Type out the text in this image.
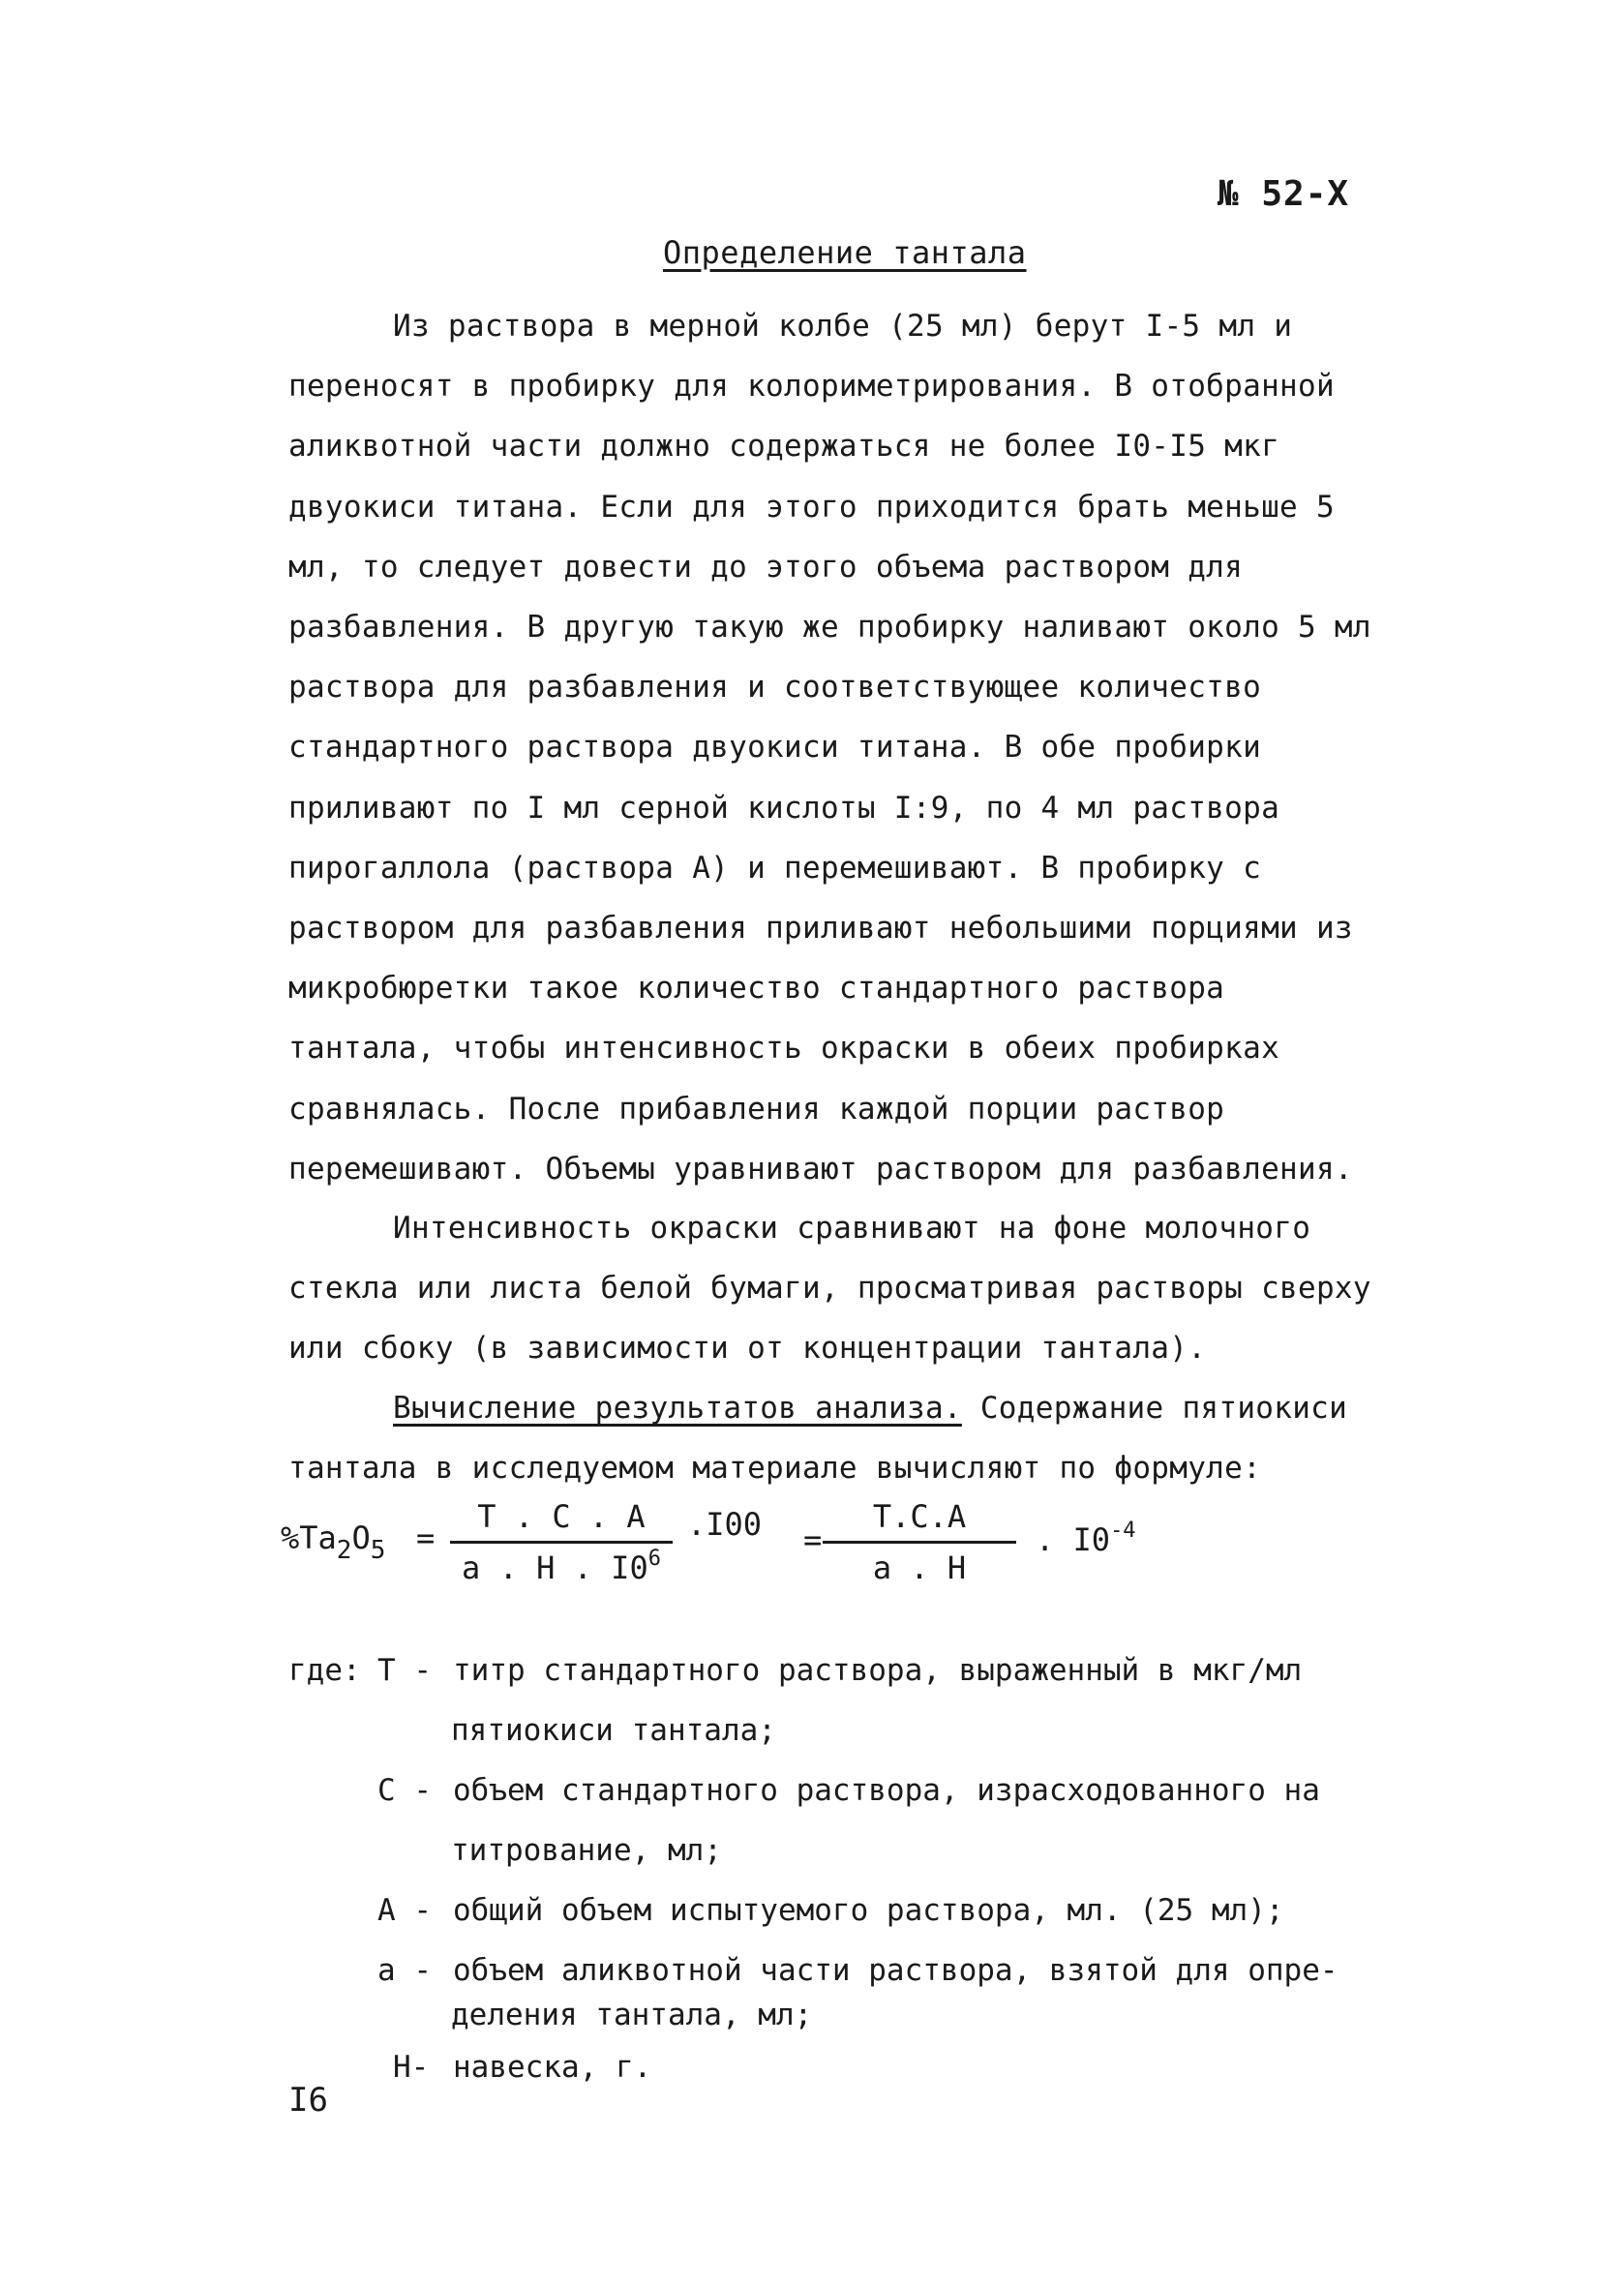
№ 52-Х
Определение тантала
Из раствора в мерной колбе (25 мл) берут I-5 мл и переносят в пробирку для колориметрирования. В отобранной аликвотной части должно содержаться не более I0-I5 мкг двуокиси титана. Если для этого приходится брать меньше 5 мл, то следует довести до этого объема раствором для разбавления. В другую такую же пробирку наливают около 5 мл раствора для разбавления и соответствующее количество стандартного раствора двуокиси титана. В обе пробирки приливают по I мл серной кислоты I:9, по 4 мл раствора пирогаллола (раствора А) и перемешивают. В пробирку с раствором для разбавления приливают небольшими порциями из микробюретки такое количество стандартного раствора тантала, чтобы интенсивность окраски в обеих пробирках сравнялась. После прибавления каждой порции раствор перемешивают. Объемы уравнивают раствором для разбавления.
Интенсивность окраски сравнивают на фоне молочного стекла или листа белой бумаги, просматривая растворы сверху или сбоку (в зависимости от концентрации тантала).
Вычисление результатов анализа. Содержание пятиокиси тантала в исследуемом материале вычисляют по формуле:
$\%Ta_2O_5 = \frac{T . C . A}{a . H . I0^6} .I00 = \frac{T.C.A}{a . H}$ . $I0^{-4}$
где: T - титр стандартного раствора, выраженный в мкг/мл
пятиокиси тантала;
C - объем стандартного раствора, израсходованного на
титрование, мл;
A - общий объем испытуемого раствора, мл. (25 мл);
a - объем аликвотной части раствора, взятой для опре-
деления тантала, мл;
H- навеска, г.
I6
